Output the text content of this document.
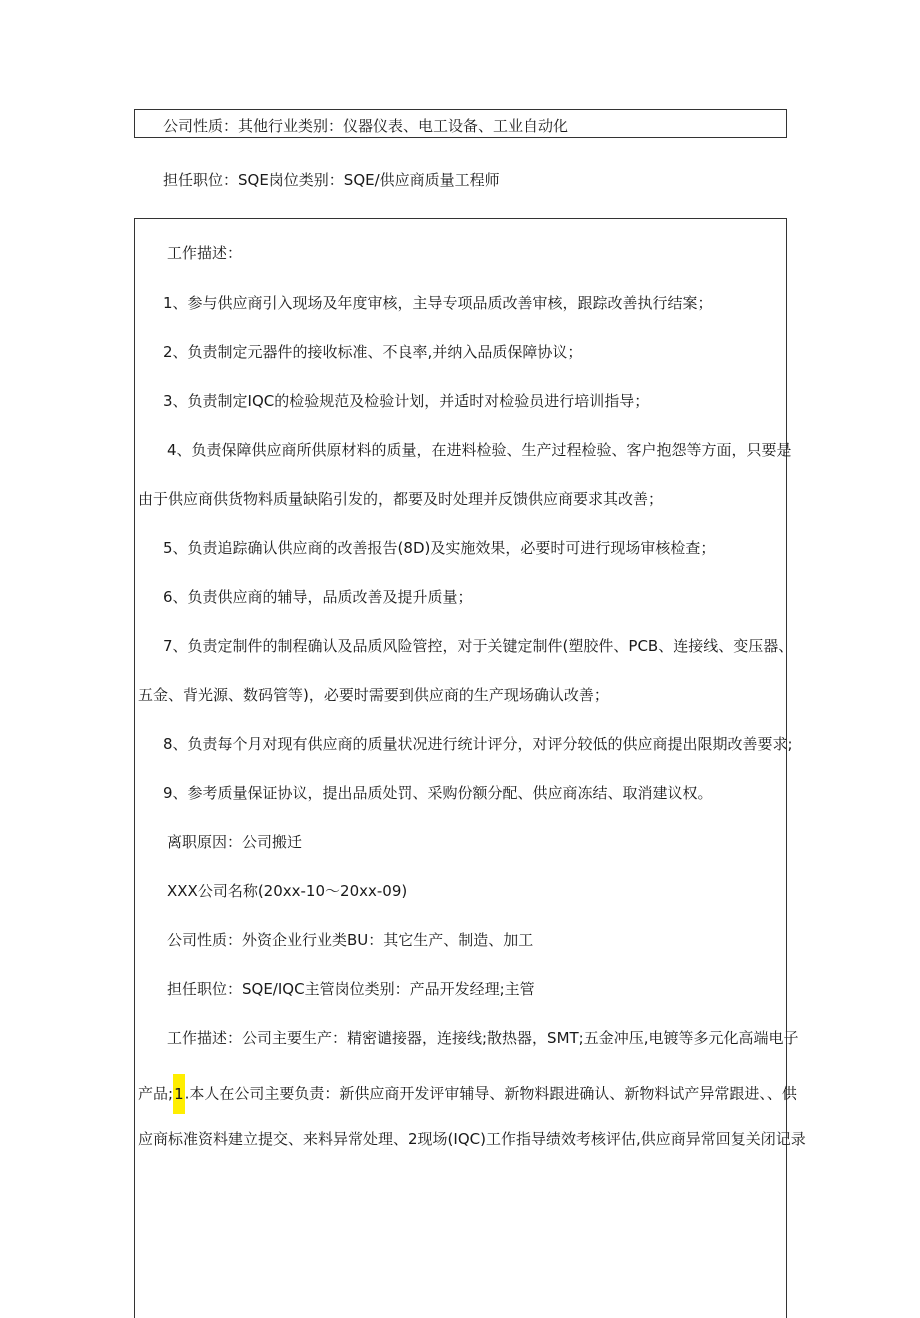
公司性质：其他行业类别：仪器仪表、电工设备、工业自动化
担任职位：SQE岗位类别：SQE/供应商质量工程师
工作描述：
1、参与供应商引入现场及年度审核，主导专项品质改善审核，跟踪改善执行结案；
2、负责制定元器件的接收标准、不良率,并纳入品质保障协议；
3、负责制定IQC的检验规范及检验计划，并适时对检验员进行培训指导；
4、负责保障供应商所供原材料的质量，在进料检验、生产过程检验、客户抱怨等方面，只要是
由于供应商供货物料质量缺陷引发的，都要及时处理并反馈供应商要求其改善；
5、负责追踪确认供应商的改善报告(8D)及实施效果，必要时可进行现场审核检查；
6、负责供应商的辅导，品质改善及提升质量；
7、负责定制件的制程确认及品质风险管控，对于关键定制件(塑胶件、PCB、连接线、变压器、
五金、背光源、数码管等)，必要时需要到供应商的生产现场确认改善；
8、负责每个月对现有供应商的质量状况进行统计评分，对评分较低的供应商提出限期改善要求;
9、参考质量保证协议，提出品质处罚、采购份额分配、供应商冻结、取消建议权。
离职原因：公司搬迁
XXX公司名称(20xx-10～20xx-09)
公司性质：外资企业行业类BU：其它生产、制造、加工
担任职位：SQE/IQC主管岗位类别：产品开发经理;主管
工作描述：公司主要生产：精密谴接器，连接线;散热器，SMT;五金冲压,电镀等多元化高端电子
产品;1.本人在公司主要负责：新供应商开发评审辅导、新物料跟进确认、新物料试产异常跟进、、供
应商标准资料建立提交、来料异常处理、2现场(IQC)工作指导绩效考核评估,供应商异常回复关闭记录
